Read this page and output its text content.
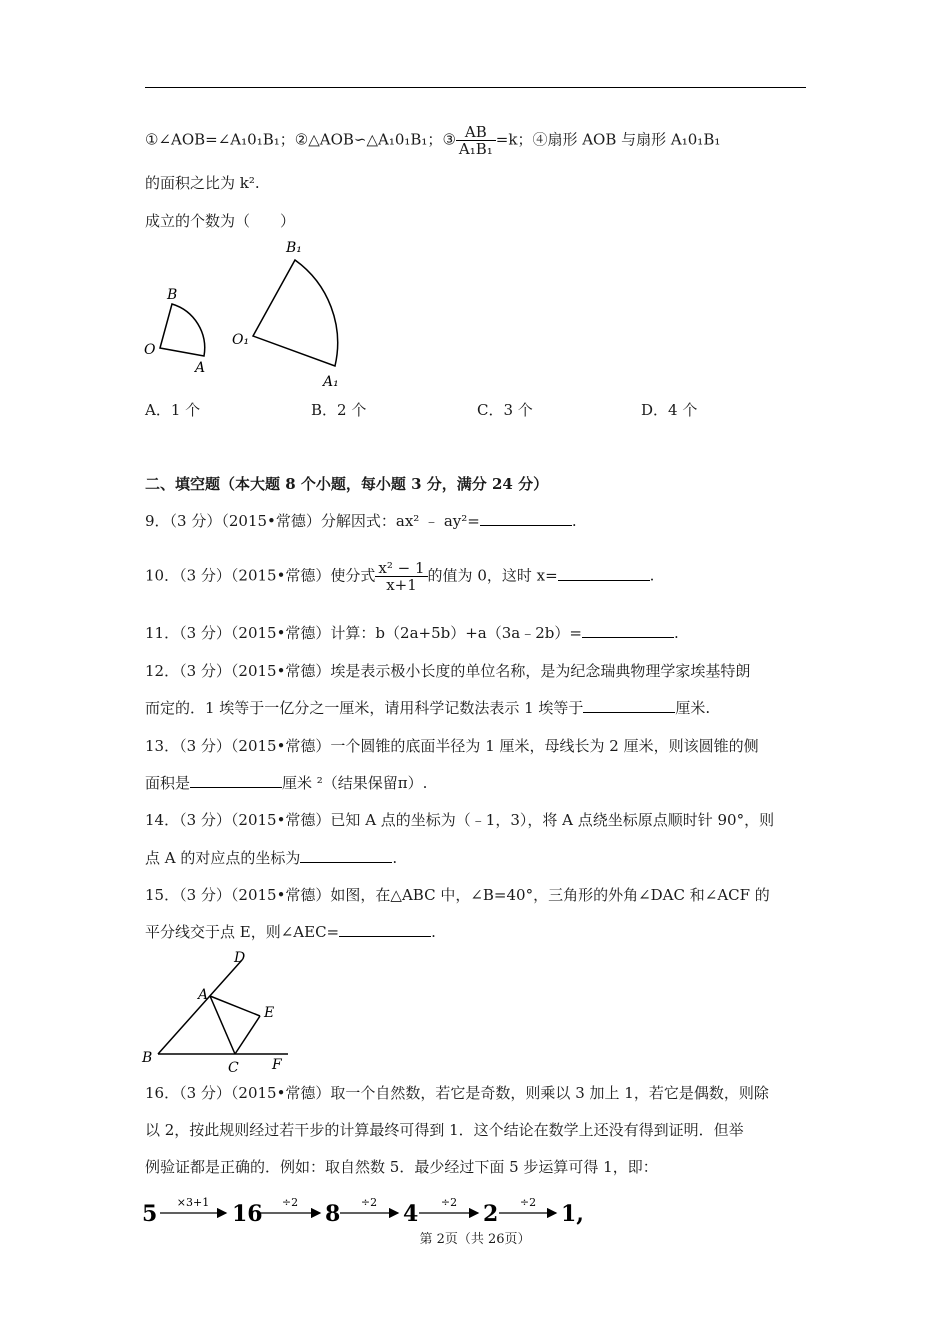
①∠AOB=∠A₁0₁B₁；②△AOB∽△A₁0₁B₁；③ $\frac{AB}{\text{A₁B₁}} =k$；④扇形 AOB 与扇形 A₁0₁B₁
的面积之比为 k².
成立的个数为（　　）
O
B
A
O₁
B₁
A₁
A．1 个	B．2 个	C．3 个	D．4 个
二、填空题（本大题 8 个小题，每小题 3 分，满分 24 分）
9．（3 分）（2015•常德）分解因式：ax² ﹣ ay²=	.
10．（3 分）（2015•常德）使分式 $\frac{\text{x² − 1}}{x+1}$ 的值为 0，这时 x=	.
11．（3 分）（2015•常德）计算：b（2a+5b）+a（3a﹣2b）=	.
12．（3 分）（2015•常德）埃是表示极小长度的单位名称，是为纪念瑞典物理学家埃基特朗
而定的．1 埃等于一亿分之一厘米，请用科学记数法表示 1 埃等于	厘米.
13．（3 分）（2015•常德）一个圆锥的底面半径为 1 厘米，母线长为 2 厘米，则该圆锥的侧
面积是	厘米 ²（结果保留π）.
14．（3 分）（2015•常德）已知 A 点的坐标为（﹣1，3），将 A 点绕坐标原点顺时针 90°，则
点 A 的对应点的坐标为	.
15．（3 分）（2015•常德）如图，在△ABC 中，∠B=40°，三角形的外角∠DAC 和∠ACF 的
平分线交于点 E，则∠AEC=	.
A
B
C
D
E
F
16．（3 分）（2015•常德）取一个自然数，若它是奇数，则乘以 3 加上 1，若它是偶数，则除
以 2，按此规则经过若干步的计算最终可得到 1．这个结论在数学上还没有得到证明．但举
例验证都是正确的．例如：取自然数 5．最少经过下面 5 步运算可得 1，即：
5 ×3+1 16 ÷2 8 ÷2 4 ÷2 2 ÷2 1,
第 2页（共 26页）
